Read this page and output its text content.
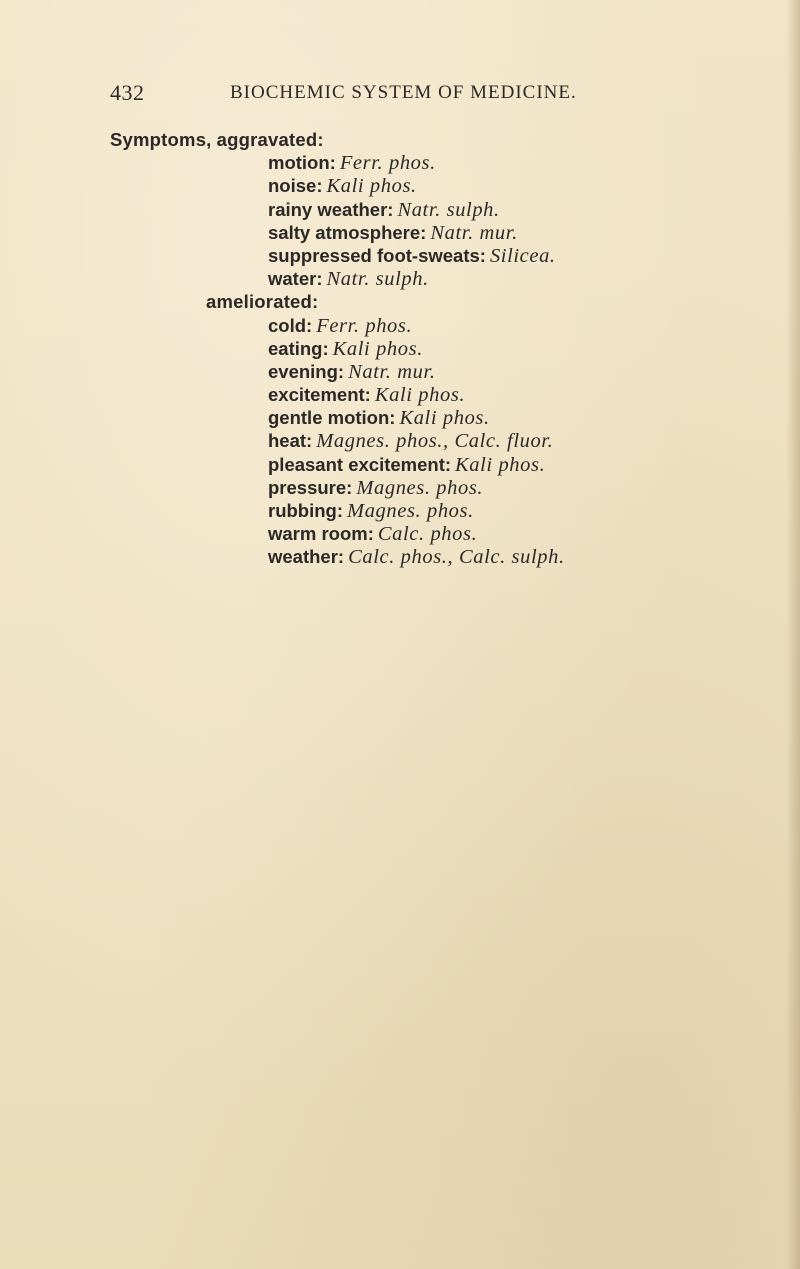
432	BIOCHEMIC SYSTEM OF MEDICINE.
Symptoms, aggravated:
motion: Ferr. phos.
noise: Kali phos.
rainy weather: Natr. sulph.
salty atmosphere: Natr. mur.
suppressed foot-sweats: Silicea.
water: Natr. sulph.
ameliorated:
cold: Ferr. phos.
eating: Kali phos.
evening: Natr. mur.
excitement: Kali phos.
gentle motion: Kali phos.
heat: Magnes. phos., Calc. fluor.
pleasant excitement: Kali phos.
pressure: Magnes. phos.
rubbing: Magnes. phos.
warm room: Calc. phos.
weather: Calc. phos., Calc. sulph.
